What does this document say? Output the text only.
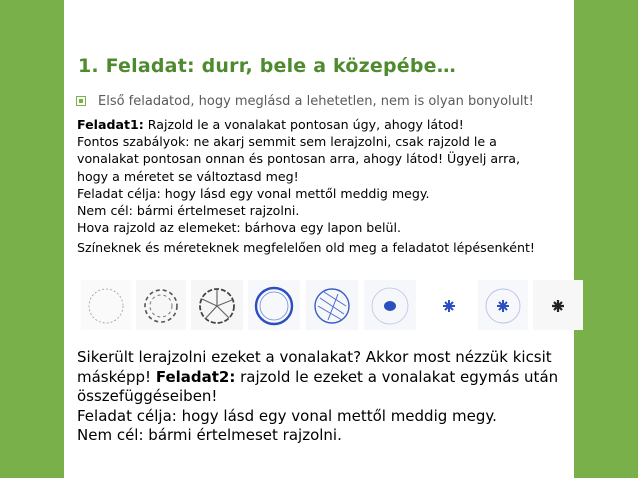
1. Feladat: durr, bele a közepébe…
Első feladatod, hogy meglásd a lehetetlen, nem is olyan bonyolult!

Feladat1: Rajzold le a vonalakat pontosan úgy, ahogy látod!

Fontos szabályok: ne akarj semmit sem lerajzolni, csak rajzold le a

vonalakat pontosan onnan és pontosan arra, ahogy látod! Ügyelj arra,

hogy a méretet se változtasd meg!

Feladat célja: hogy lásd egy vonal mettől meddig megy.

Nem cél: bármi értelmeset rajzolni.

Hova rajzold az elemeket: bárhova egy lapon belül.

Színeknek és méreteknek megfelelően old meg a feladatot lépésenként!

Sikerült lerajzolni ezeket a vonalakat? Akkor most nézzük kicsit

másképp! Feladat2: rajzold le ezeket a vonalakat egymás után

összefüggéseiben!

Feladat célja: hogy lásd egy vonal mettől meddig megy.

Nem cél: bármi értelmeset rajzolni.
